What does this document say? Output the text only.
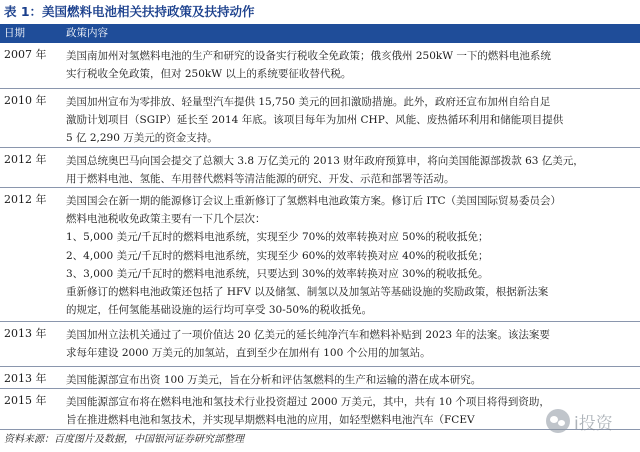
表 1：美国燃料电池相关扶持政策及扶持动作
日期	政策内容
2007 年	美国南加州对氢燃料电池的生产和研究的设备实行税收全免政策；俄亥俄州 250kW 一下的燃料电池系统
实行税收全免政策，但对 250kW 以上的系统要征收替代税。
2010 年	美国加州宣布为零排放、轻量型汽车提供 15,750 美元的回扣激励措施。此外，政府还宣布加州自给自足
激励计划项目（SGIP）延长至 2014 年底。该项目每年为加州 CHP、风能、废热循环利用和储能项目提供
5 亿 2,290 万美元的资金支持。
2012 年	美国总统奥巴马向国会提交了总额大 3.8 万亿美元的 2013 财年政府预算申，将向美国能源部拨款 63 亿美元，
用于燃料电池、氢能、车用替代燃料等清洁能源的研究、开发、示范和部署等活动。
2012 年	美国国会在新一期的能源修订会议上重新修订了氢燃料电池政策方案。修订后 ITC（美国国际贸易委员会）
燃料电池税收免政策主要有一下几个层次：
1、5,000 美元/千瓦时的燃料电池系统，实现至少 70%的效率转换对应 50%的税收抵免；
2、4,000 美元/千瓦时的燃料电池系统，实现至少 60%的效率转换对应 40%的税收抵免；
3、3,000 美元/千瓦时的燃料电池系统，只要达到 30%的效率转换对应 30%的税收抵免。
重新修订的燃料电池政策还包括了 HFV 以及储氢、制氢以及加氢站等基础设施的奖励政策，根据新法案
的规定，任何氢能基础设施的运行均可享受 30-50%的税收抵免。
2013 年	美国加州立法机关通过了一项价值达 20 亿美元的延长纯净汽车和燃料补贴到 2023 年的法案。该法案要
求每年建设 2000 万美元的加氢站，直到至少在加州有 100 个公用的加氢站。
2013 年	美国能源部宣布出资 100 万美元，旨在分析和评估氢燃料的生产和运输的潜在成本研究。
2015 年	美国能源部宣布将在燃料电池和氢技术行业投资超过 2000 万美元，其中，共有 10 个项目将得到资助，
旨在推进燃料电池和氢技术，并实现早期燃料电池的应用，如轻型燃料电池汽车（FCEV	i投资
资料来源：百度图片及数据，中国银河证券研究部整理
